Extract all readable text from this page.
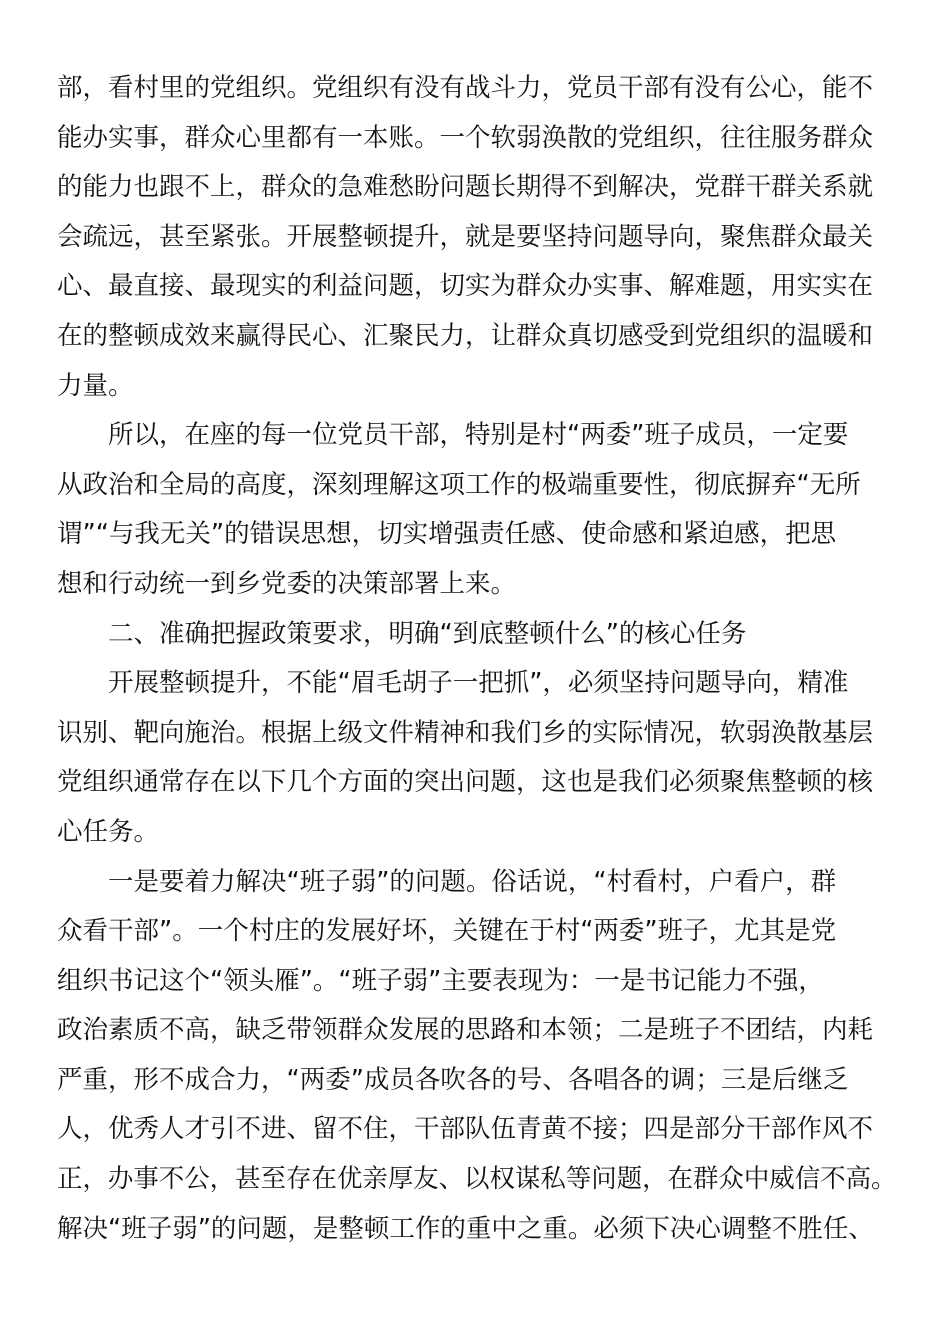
部，看村里的党组织。党组织有没有战斗力，党员干部有没有公心，能不
能办实事，群众心里都有一本账。一个软弱涣散的党组织，往往服务群众
的能力也跟不上，群众的急难愁盼问题长期得不到解决，党群干群关系就
会疏远，甚至紧张。开展整顿提升，就是要坚持问题导向，聚焦群众最关
心、最直接、最现实的利益问题，切实为群众办实事、解难题，用实实在
在的整顿成效来赢得民心、汇聚民力，让群众真切感受到党组织的温暖和
力量。
所以，在座的每一位党员干部，特别是村“两委”班子成员，一定要
从政治和全局的高度，深刻理解这项工作的极端重要性，彻底摒弃“无所
谓”“与我无关”的错误思想，切实增强责任感、使命感和紧迫感，把思
想和行动统一到乡党委的决策部署上来。
二、准确把握政策要求，明确“到底整顿什么”的核心任务
开展整顿提升，不能“眉毛胡子一把抓”，必须坚持问题导向，精准
识别、靶向施治。根据上级文件精神和我们乡的实际情况，软弱涣散基层
党组织通常存在以下几个方面的突出问题，这也是我们必须聚焦整顿的核
心任务。
一是要着力解决“班子弱”的问题。俗话说，“村看村，户看户，群
众看干部”。一个村庄的发展好坏，关键在于村“两委”班子，尤其是党
组织书记这个“领头雁”。“班子弱”主要表现为：一是书记能力不强，
政治素质不高，缺乏带领群众发展的思路和本领；二是班子不团结，内耗
严重，形不成合力，“两委”成员各吹各的号、各唱各的调；三是后继乏
人，优秀人才引不进、留不住，干部队伍青黄不接；四是部分干部作风不
正，办事不公，甚至存在优亲厚友、以权谋私等问题，在群众中威信不高。
解决“班子弱”的问题，是整顿工作的重中之重。必须下决心调整不胜任、
